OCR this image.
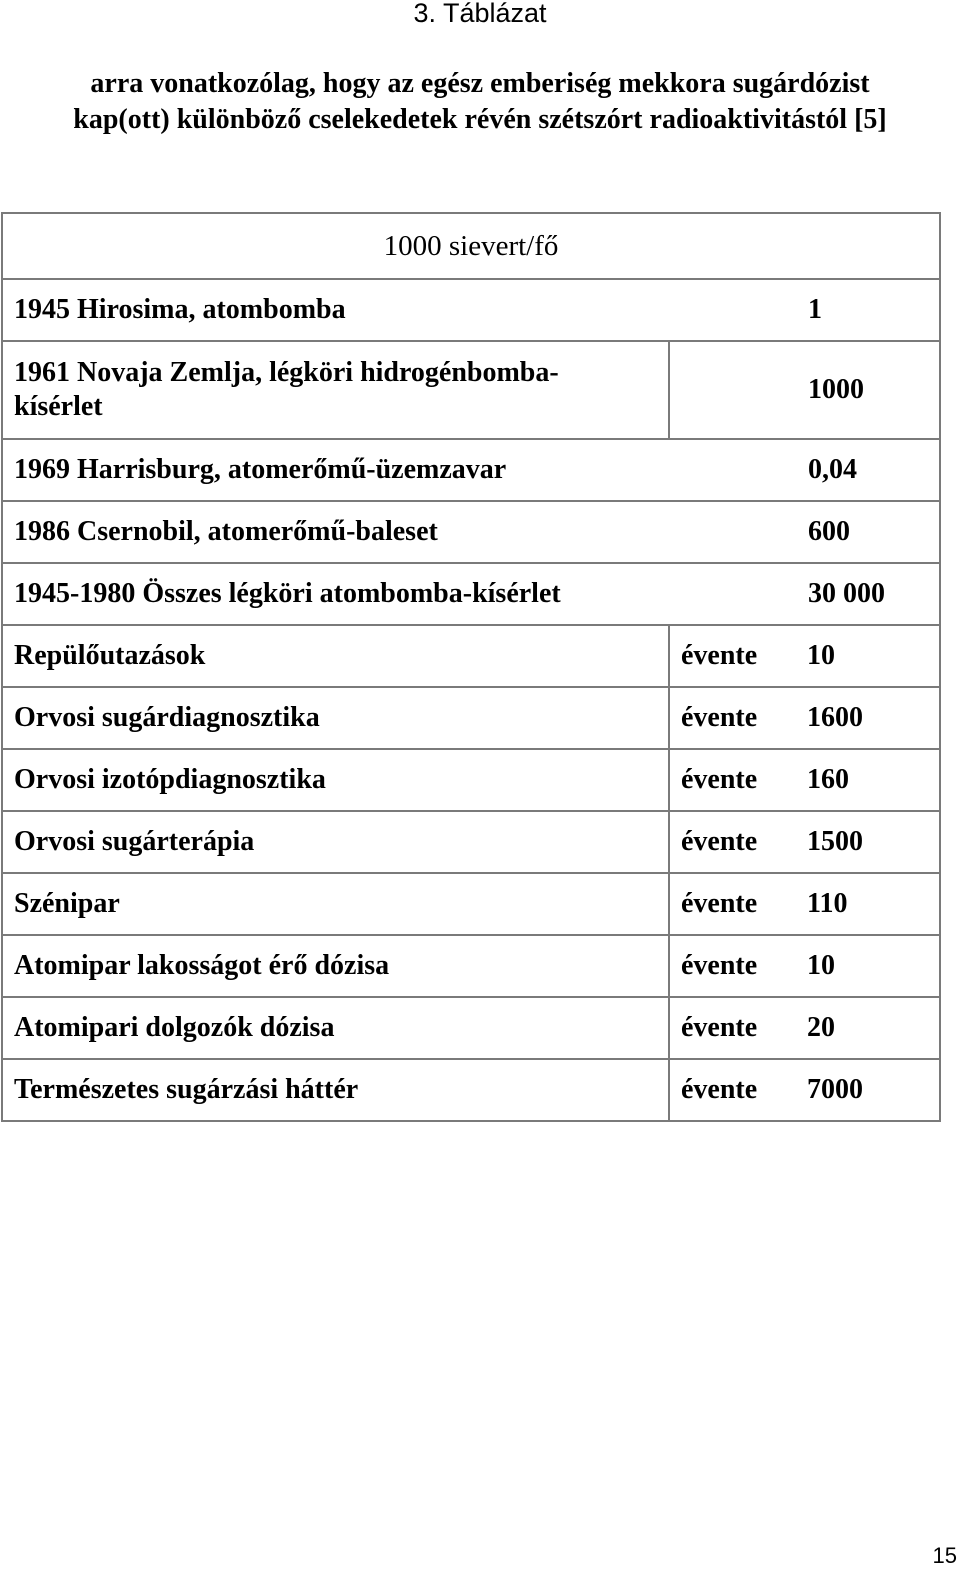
3. Táblázat
arra vonatkozólag, hogy az egész emberiség mekkora sugárdózist
kap(ott) különböző cselekedetek révén szétszórt radioaktivitástól [5]
1000 sievert/fő	
1945 Hirosima, atombomba 1	
1961 Novaja Zemlja, légköri hidrogénbomba-kísérlet	1000
1969 Harrisburg, atomerőmű-üzemzavar 0,04	
1986 Csernobil, atomerőmű-baleset 600	
1945-1980 Összes légköri atombomba-kísérlet 30 000	
Repülőutazások	évente 10
Orvosi sugárdiagnosztika	évente 1600
Orvosi izotópdiagnosztika	évente 160
Orvosi sugárterápia	évente 1500
Szénipar	évente 110
Atomipar lakosságot érő dózisa	évente 10
Atomipari dolgozók dózisa	évente 20
Természetes sugárzási háttér	évente 7000
15
